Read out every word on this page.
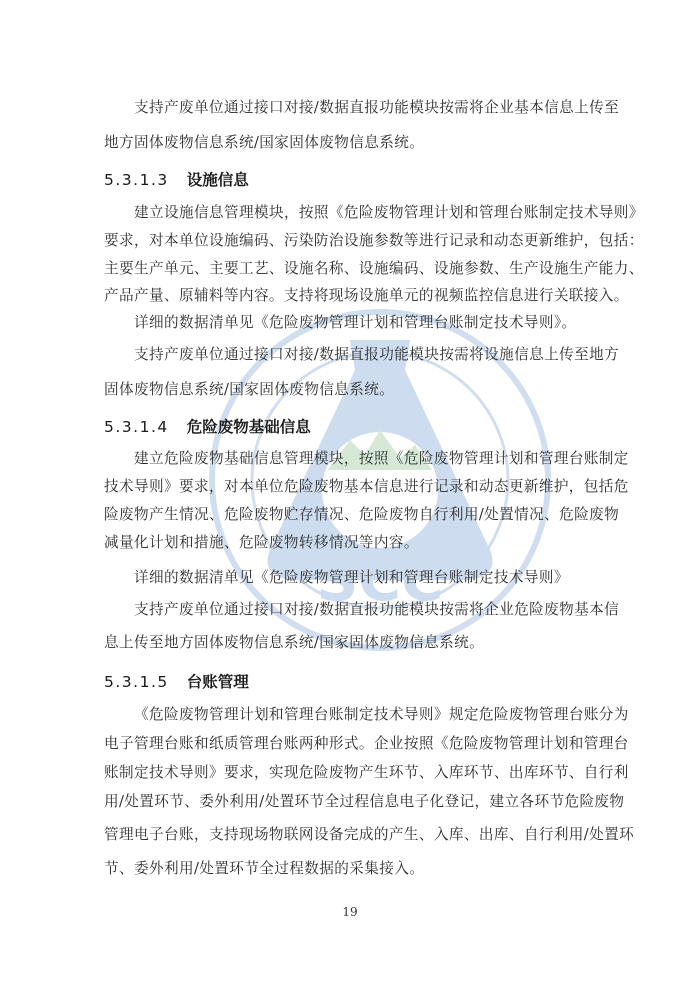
SCC
支持产废单位通过接口对接/数据直报功能模块按需将企业基本信息上传至
地方固体废物信息系统/国家固体废物信息系统。
5.3.1.3 设施信息
建立设施信息管理模块，按照《危险废物管理计划和管理台账制定技术导则》
要求，对本单位设施编码、污染防治设施参数等进行记录和动态更新维护，包括：
主要生产单元、主要工艺、设施名称、设施编码、设施参数、生产设施生产能力、
产品产量、原辅料等内容。支持将现场设施单元的视频监控信息进行关联接入。
详细的数据清单见《危险废物管理计划和管理台账制定技术导则》。
支持产废单位通过接口对接/数据直报功能模块按需将设施信息上传至地方
固体废物信息系统/国家固体废物信息系统。
5.3.1.4 危险废物基础信息
建立危险废物基础信息管理模块，按照《危险废物管理计划和管理台账制定
技术导则》要求，对本单位危险废物基本信息进行记录和动态更新维护，包括危
险废物产生情况、危险废物贮存情况、危险废物自行利用/处置情况、危险废物
减量化计划和措施、危险废物转移情况等内容。
详细的数据清单见《危险废物管理计划和管理台账制定技术导则》
支持产废单位通过接口对接/数据直报功能模块按需将企业危险废物基本信
息上传至地方固体废物信息系统/国家固体废物信息系统。
5.3.1.5 台账管理
《危险废物管理计划和管理台账制定技术导则》规定危险废物管理台账分为
电子管理台账和纸质管理台账两种形式。企业按照《危险废物管理计划和管理台
账制定技术导则》要求，实现危险废物产生环节、入库环节、出库环节、自行利
用/处置环节、委外利用/处置环节全过程信息电子化登记，建立各环节危险废物
管理电子台账，支持现场物联网设备完成的产生、入库、出库、自行利用/处置环
节、委外利用/处置环节全过程数据的采集接入。
19
